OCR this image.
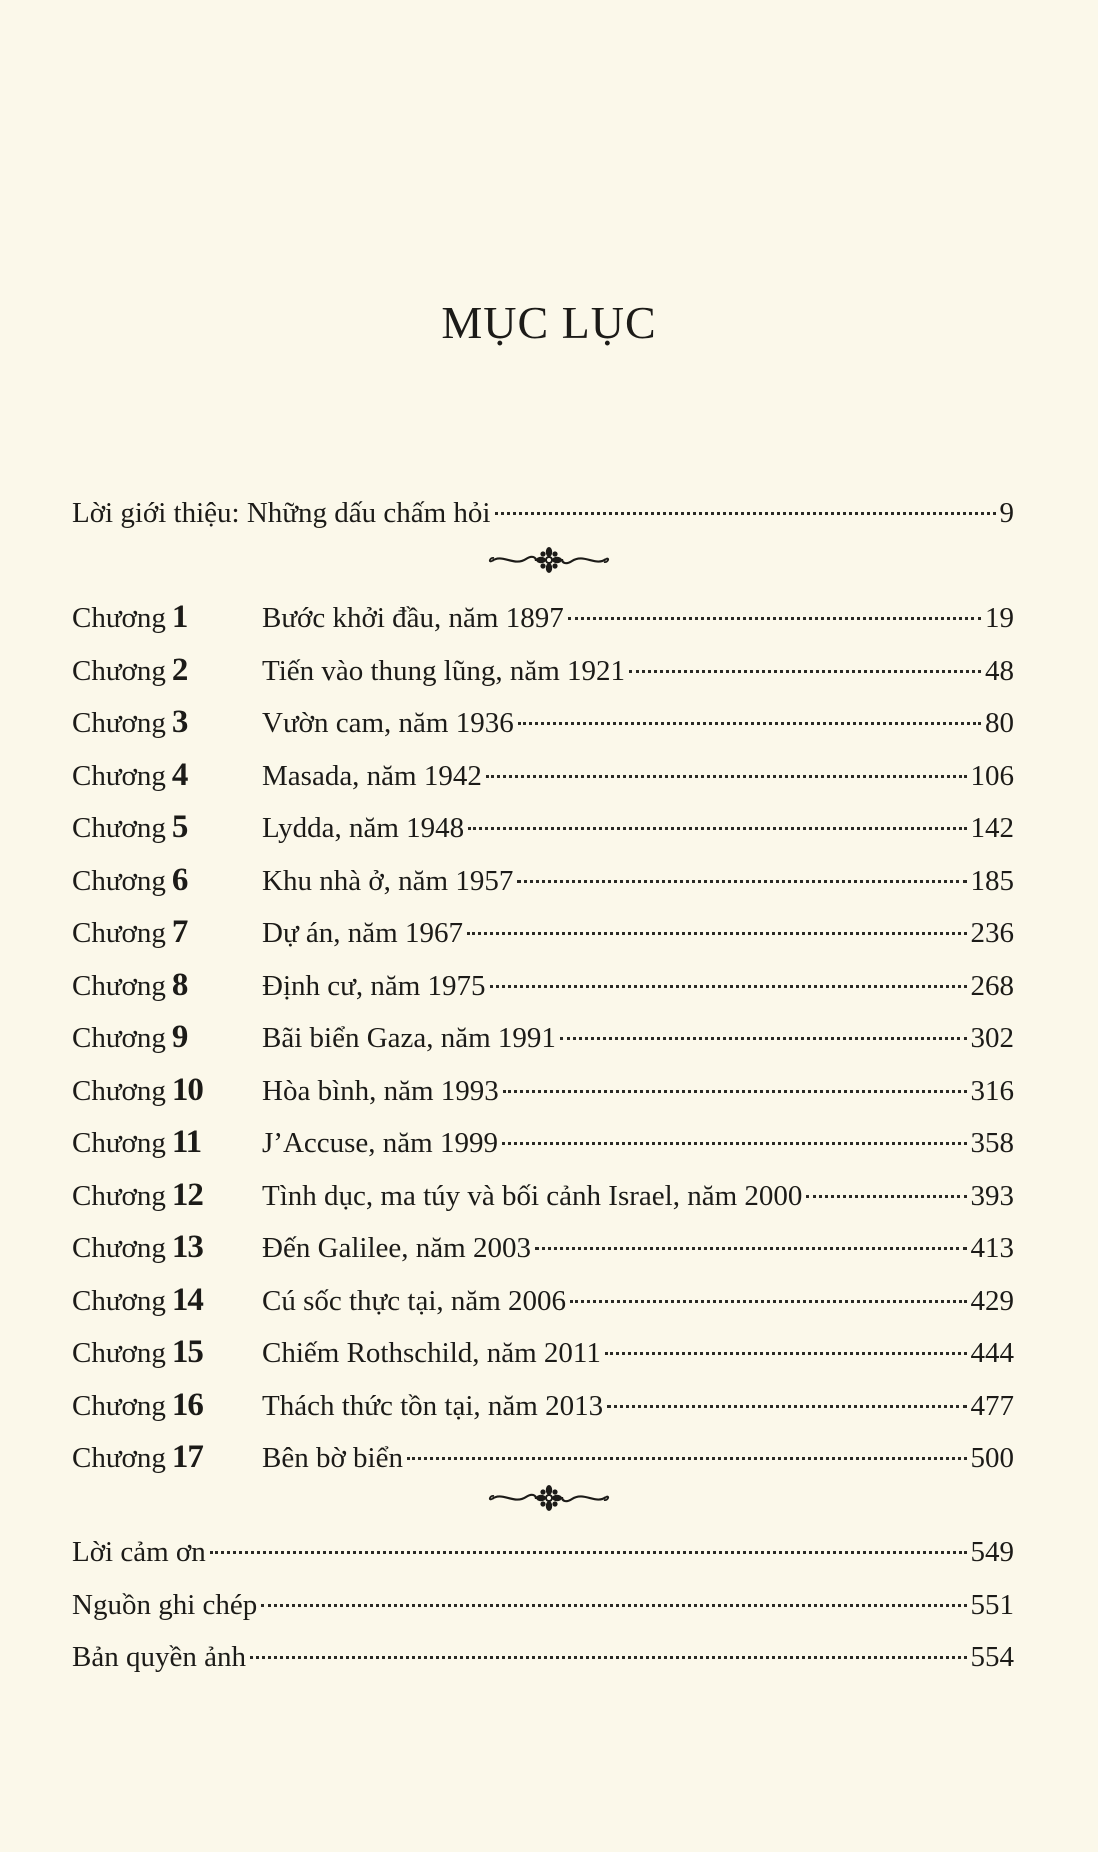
MỤC LỤC
Lời giới thiệu: Những dấu chấm hỏi	9
Chương 1	Bước khởi đầu, năm 1897	19
Chương 2	Tiến vào thung lũng, năm 1921	48
Chương 3	Vườn cam, năm 1936	80
Chương 4	Masada, năm 1942	106
Chương 5	Lydda, năm 1948	142
Chương 6	Khu nhà ở, năm 1957	185
Chương 7	Dự án, năm 1967	236
Chương 8	Định cư, năm 1975	268
Chương 9	Bãi biển Gaza, năm 1991	302
Chương 10	Hòa bình, năm 1993	316
Chương 11	J’Accuse, năm 1999	358
Chương 12	Tình dục, ma túy và bối cảnh Israel, năm 2000	393
Chương 13	Đến Galilee, năm 2003	413
Chương 14	Cú sốc thực tại, năm 2006	429
Chương 15	Chiếm Rothschild, năm 2011	444
Chương 16	Thách thức tồn tại, năm 2013	477
Chương 17	Bên bờ biển	500
Lời cảm ơn	549
Nguồn ghi chép	551
Bản quyền ảnh	554
